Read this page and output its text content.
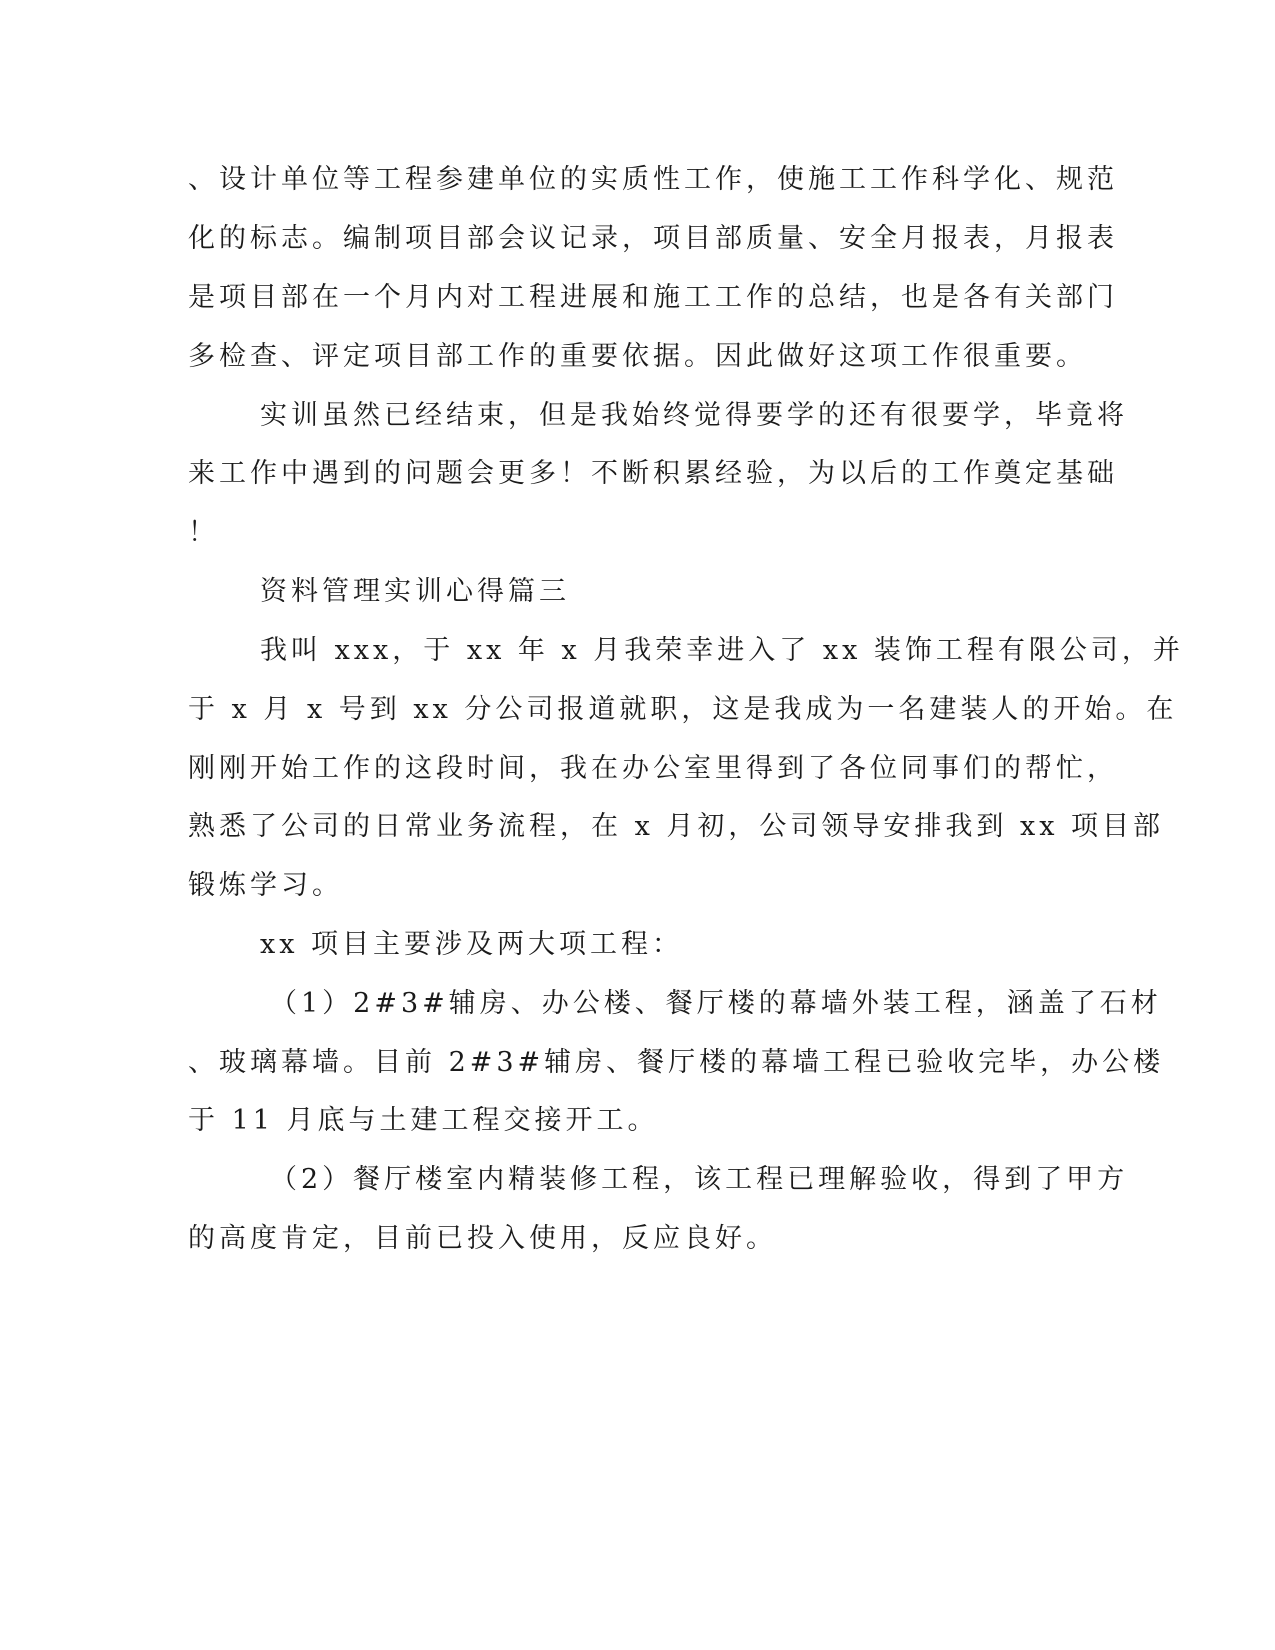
、设计单位等工程参建单位的实质性工作，使施工工作科学化、规范
化的标志。编制项目部会议记录，项目部质量、安全月报表，月报表
是项目部在一个月内对工程进展和施工工作的总结，也是各有关部门
多检查、评定项目部工作的重要依据。因此做好这项工作很重要。
实训虽然已经结束，但是我始终觉得要学的还有很要学，毕竟将
来工作中遇到的问题会更多！不断积累经验，为以后的工作奠定基础
！
资料管理实训心得篇三
我叫 xxx，于 xx 年 x 月我荣幸进入了 xx 装饰工程有限公司，并
于 x 月 x 号到 xx 分公司报道就职，这是我成为一名建装人的开始。在
刚刚开始工作的这段时间，我在办公室里得到了各位同事们的帮忙，
熟悉了公司的日常业务流程，在 x 月初，公司领导安排我到 xx 项目部
锻炼学习。
xx 项目主要涉及两大项工程：
（1）2#3#辅房、办公楼、餐厅楼的幕墙外装工程，涵盖了石材
、玻璃幕墙。目前 2#3#辅房、餐厅楼的幕墙工程已验收完毕，办公楼
于 11 月底与土建工程交接开工。
（2）餐厅楼室内精装修工程，该工程已理解验收，得到了甲方
的高度肯定，目前已投入使用，反应良好。
